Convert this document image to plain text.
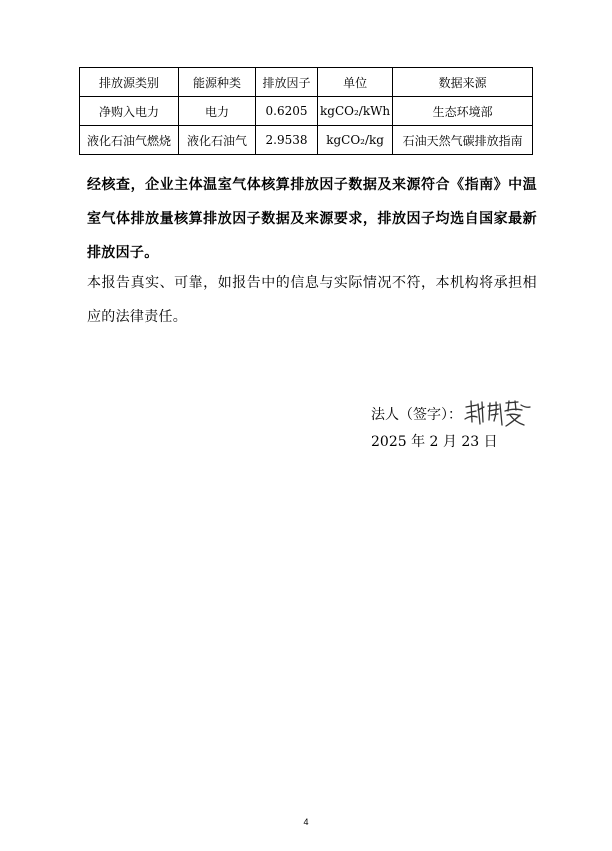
排放源类别	能源种类	排放因子	单位	数据来源
净购入电力	电力	0.6205	kgCO₂/kWh	生态环境部
液化石油气燃烧	液化石油气	2.9538	kgCO₂/kg	石油天然气碳排放指南

经核查，企业主体温室气体核算排放因子数据及来源符合《指南》中温室气体排放量核算排放因子数据及来源要求，排放因子均选自国家最新排放因子。

本报告真实、可靠，如报告中的信息与实际情况不符，本机构将承担相应的法律责任。

法人（签字）：
2025 年 2 月 23 日
4
